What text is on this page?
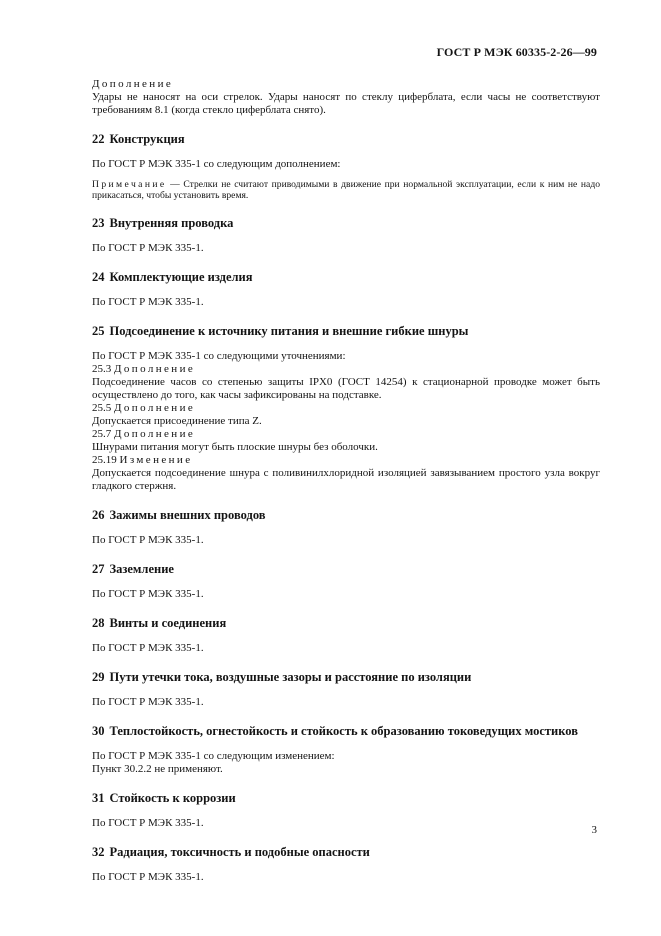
ГОСТ Р МЭК 60335-2-26—99

Дополнение

Удары не наносят на оси стрелок. Удары наносят по стеклу циферблата, если часы не соответствуют требованиям 8.1 (когда стекло циферблата снято).

22 Конструкция

По ГОСТ Р МЭК 335-1 со следующим дополнением:

Примечание — Стрелки не считают приводимыми в движение при нормальной эксплуатации, если к ним не надо прикасаться, чтобы установить время.

23 Внутренняя проводка

По ГОСТ Р МЭК 335-1.

24 Комплектующие изделия

По ГОСТ Р МЭК 335-1.

25 Подсоединение к источнику питания и внешние гибкие шнуры

По ГОСТ Р МЭК 335-1 со следующими уточнениями:

25.3 Дополнение

Подсоединение часов со степенью защиты IPX0 (ГОСТ 14254) к стационарной проводке может быть осуществлено до того, как часы зафиксированы на подставке.

25.5 Дополнение

Допускается присоединение типа Z.

25.7 Дополнение

Шнурами питания могут быть плоские шнуры без оболочки.

25.19 Изменение

Допускается подсоединение шнура с поливинилхлоридной изоляцией завязыванием простого узла вокруг гладкого стержня.

26 Зажимы внешних проводов

По ГОСТ Р МЭК 335-1.

27 Заземление

По ГОСТ Р МЭК 335-1.

28 Винты и соединения

По ГОСТ Р МЭК 335-1.

29 Пути утечки тока, воздушные зазоры и расстояние по изоляции

По ГОСТ Р МЭК 335-1.

30 Теплостойкость, огнестойкость и стойкость к образованию токоведущих мостиков

По ГОСТ Р МЭК 335-1 со следующим изменением:

Пункт 30.2.2 не применяют.

31 Стойкость к коррозии

По ГОСТ Р МЭК 335-1.

32 Радиация, токсичность и подобные опасности

По ГОСТ Р МЭК 335-1.

3
